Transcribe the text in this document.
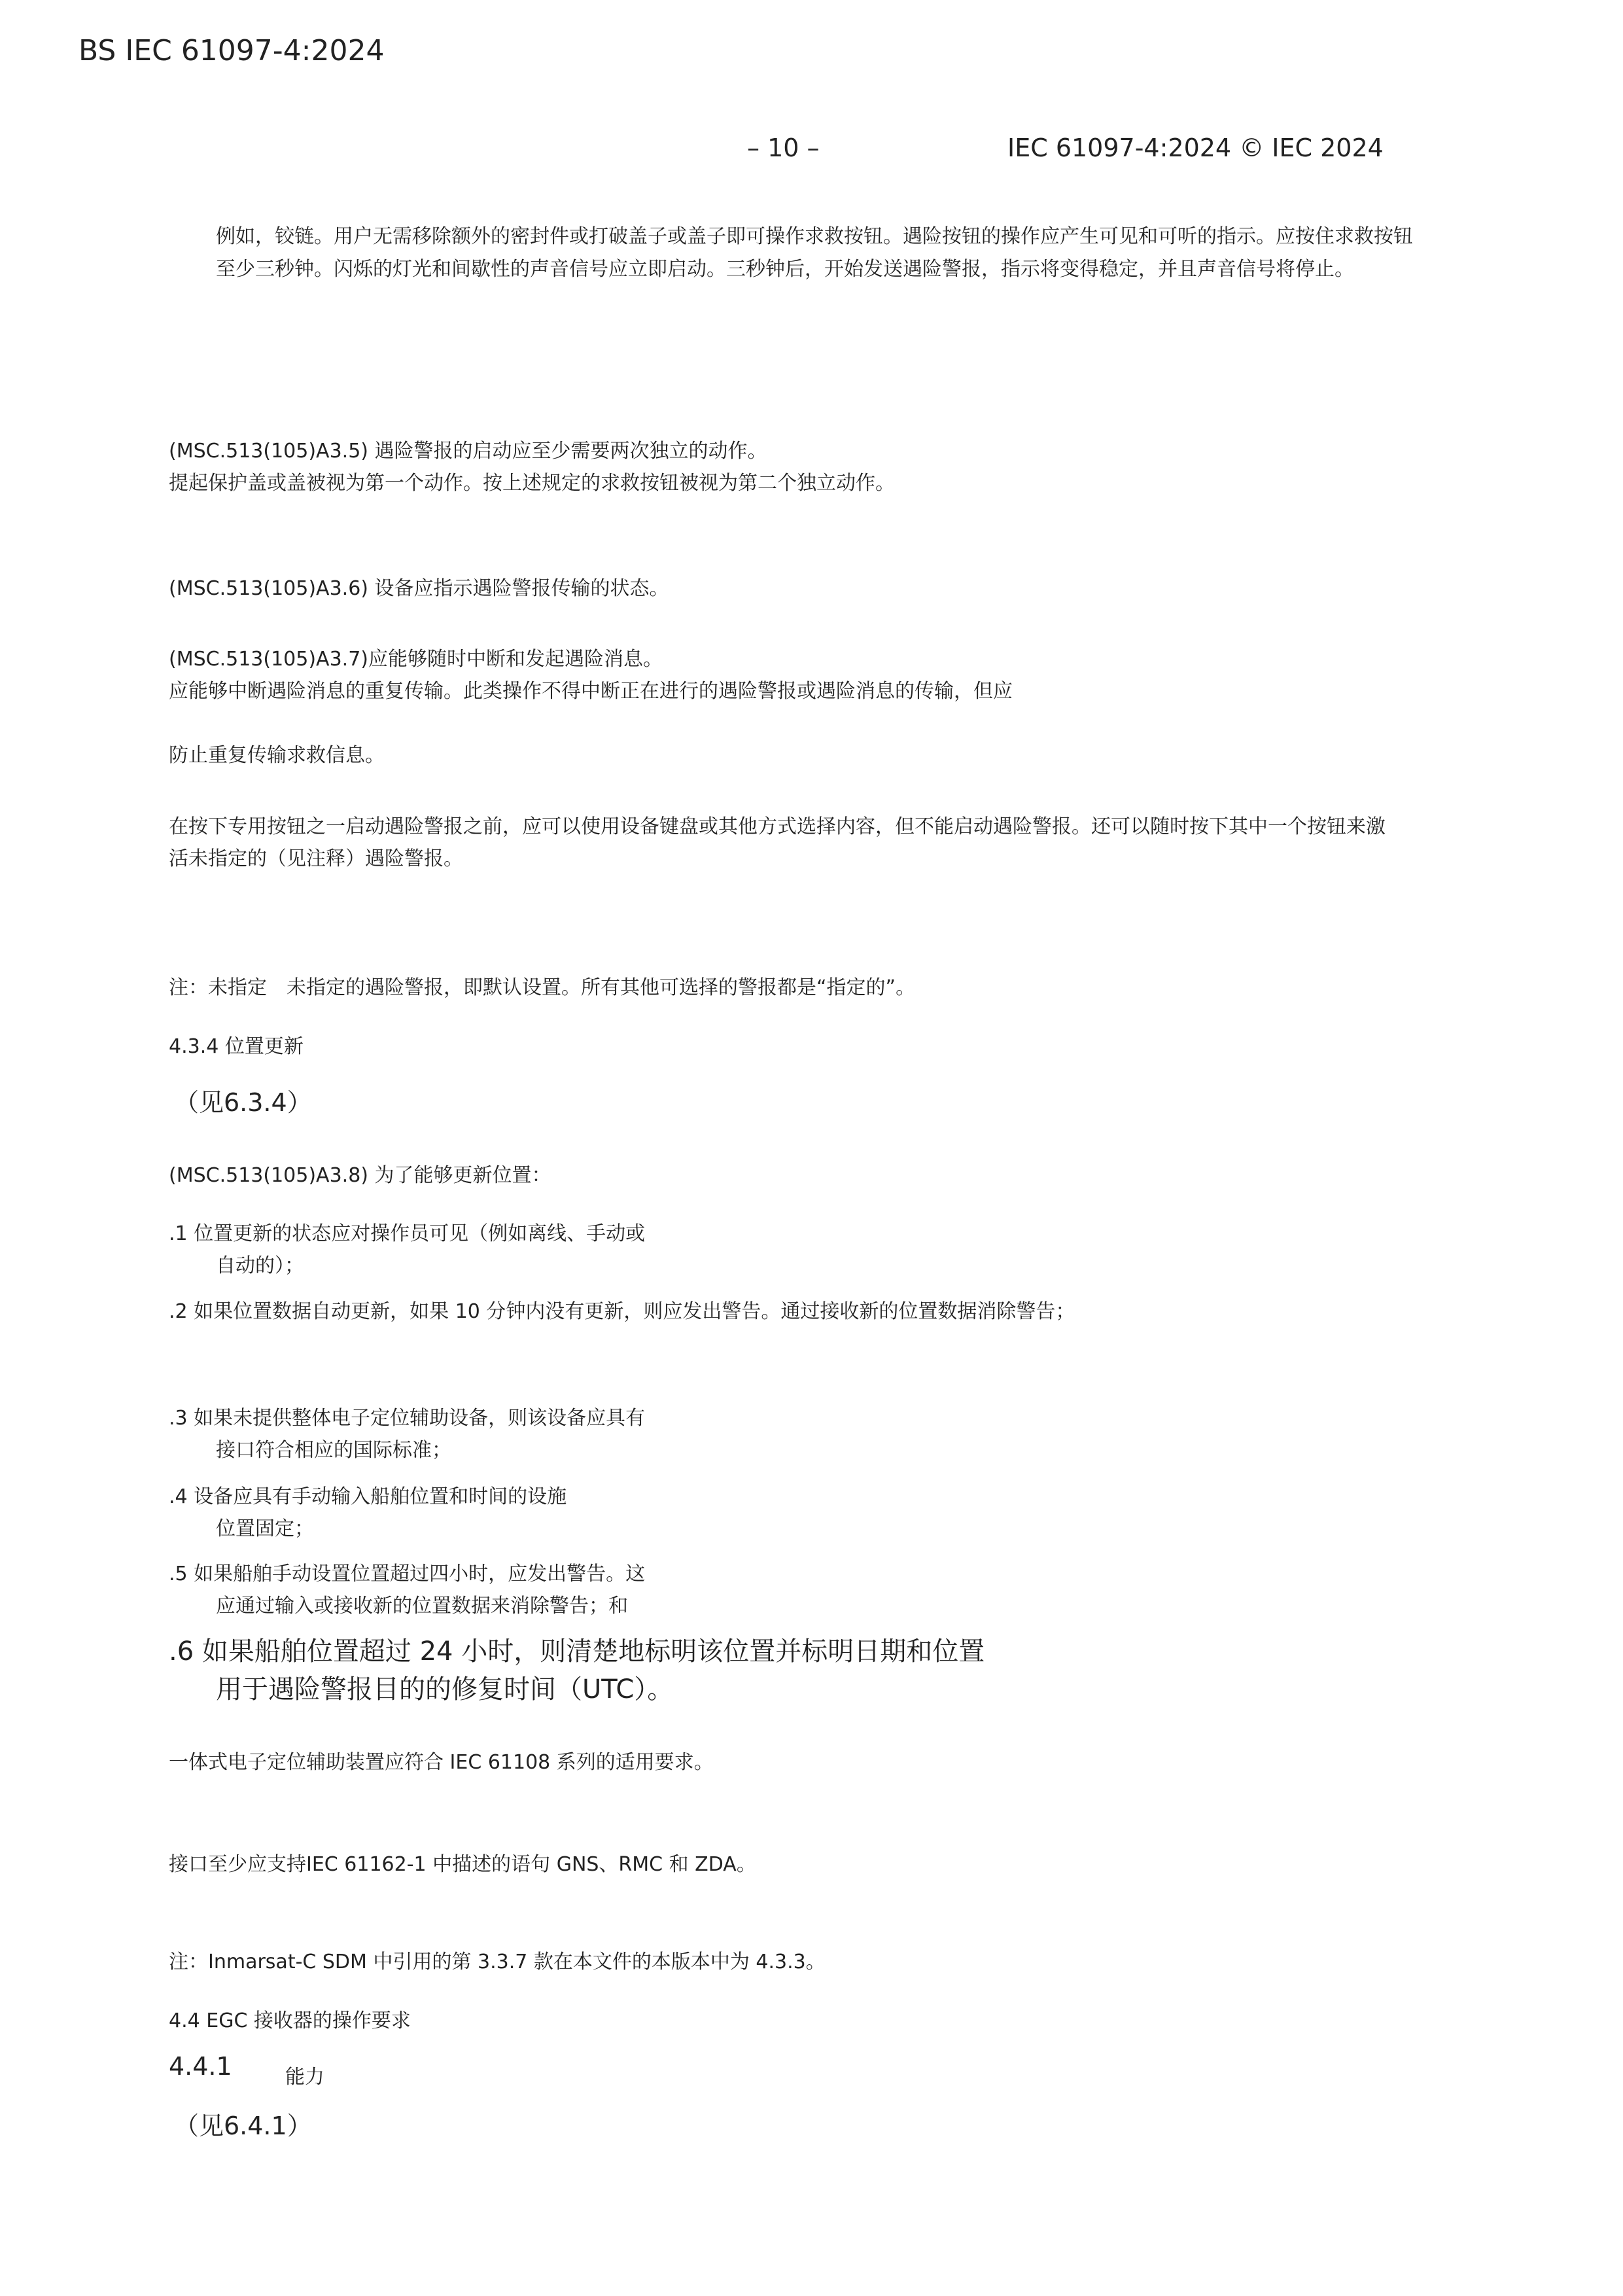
BS IEC 61097-4:2024

– 10 –	IEC 61097-4:2024 © IEC 2024

例如，铰链。用户无需移除额外的密封件或打破盖子或盖子即可操作求救按钮。遇险按钮的操作应产生可见和可听的指示。应按住求救按钮

至少三秒钟。闪烁的灯光和间歇性的声音信号应立即启动。三秒钟后，开始发送遇险警报，指示将变得稳定，并且声音信号将停止。

(MSC.513(105)A3.5) 遇险警报的启动应至少需要两次独立的动作。

提起保护盖或盖被视为第一个动作。按上述规定的求救按钮被视为第二个独立动作。

(MSC.513(105)A3.6) 设备应指示遇险警报传输的状态。

(MSC.513(105)A3.7)应能够随时中断和发起遇险消息。

应能够中断遇险消息的重复传输。此类操作不得中断正在进行的遇险警报或遇险消息的传输，但应

防止重复传输求救信息。

在按下专用按钮之一启动遇险警报之前，应可以使用设备键盘或其他方式选择内容，但不能启动遇险警报。还可以随时按下其中一个按钮来激

活未指定的（见注释）遇险警报。

注：未指定　未指定的遇险警报，即默认设置。所有其他可选择的警报都是“指定的”。

4.3.4 位置更新

（见6.3.4）

(MSC.513(105)A3.8) 为了能够更新位置：

.1 位置更新的状态应对操作员可见（例如离线、手动或

自动的）；

.2 如果位置数据自动更新，如果 10 分钟内没有更新，则应发出警告。通过接收新的位置数据消除警告；

.3 如果未提供整体电子定位辅助设备，则该设备应具有

接口符合相应的国际标准；

.4 设备应具有手动输入船舶位置和时间的设施

位置固定；

.5 如果船舶手动设置位置超过四小时，应发出警告。这

应通过输入或接收新的位置数据来消除警告；和

.6 如果船舶位置超过 24 小时，则清楚地标明该位置并标明日期和位置

用于遇险警报目的的修复时间（UTC）。

一体式电子定位辅助装置应符合 IEC 61108 系列的适用要求。

接口至少应支持IEC 61162-1 中描述的语句 GNS、RMC 和 ZDA。

注：Inmarsat-C SDM 中引用的第 3.3.7 款在本文件的本版本中为 4.3.3。

4.4 EGC 接收器的操作要求

4.4.1	能力

（见6.4.1）
